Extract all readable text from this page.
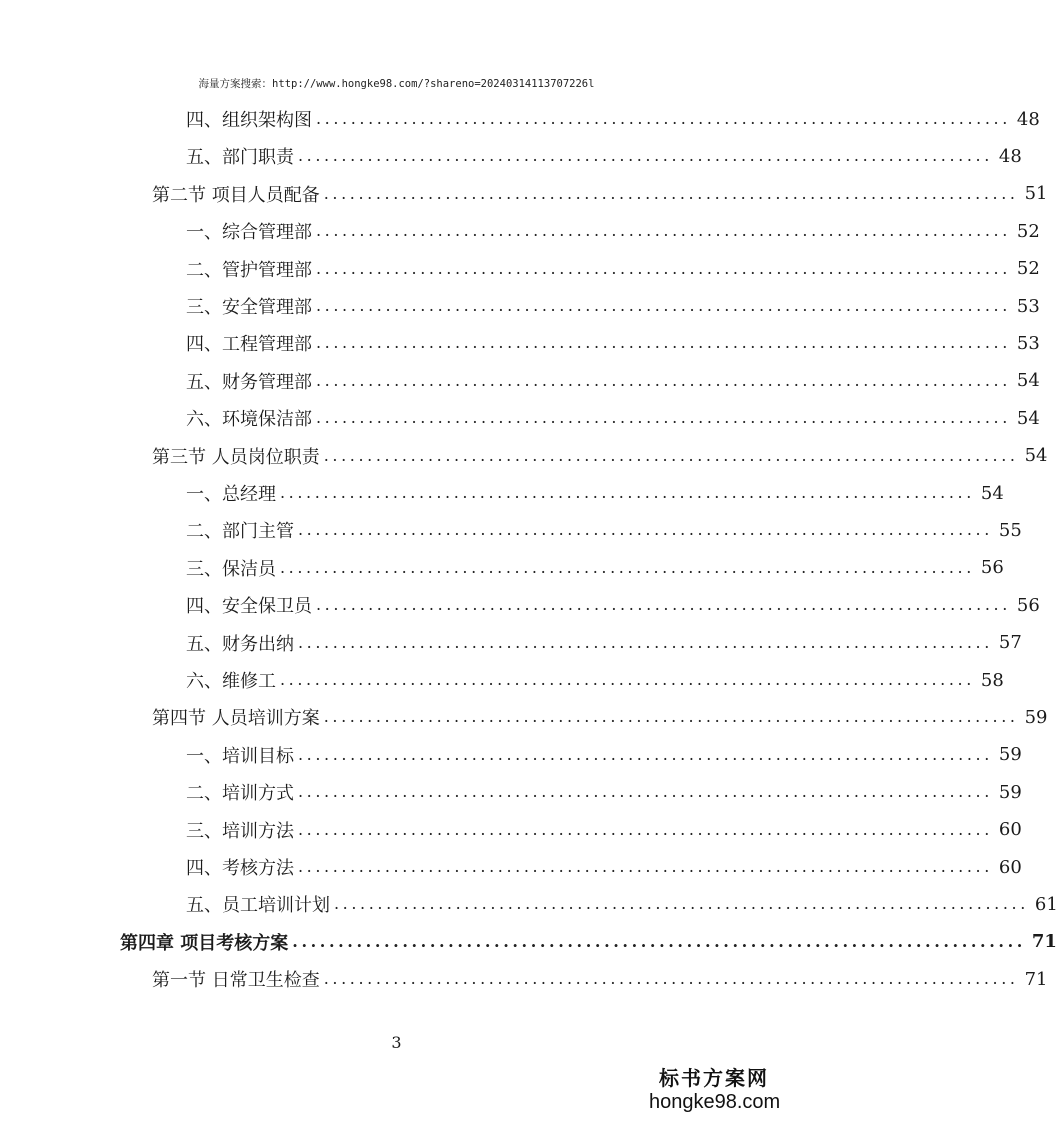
海量方案搜索：http://www.hongke98.com/?shareno=20240314113707226l
四、组织架构图 ................................................................................ 48
五、部门职责 ................................................................................ 48
第二节 项目人员配备 ................................................................................ 51
一、综合管理部 ................................................................................ 52
二、管护管理部 ................................................................................ 52
三、安全管理部 ................................................................................ 53
四、工程管理部 ................................................................................ 53
五、财务管理部 ................................................................................ 54
六、环境保洁部 ................................................................................ 54
第三节 人员岗位职责 ................................................................................ 54
一、总经理 ................................................................................ 54
二、部门主管 ................................................................................ 55
三、保洁员 ................................................................................ 56
四、安全保卫员 ................................................................................ 56
五、财务出纳 ................................................................................ 57
六、维修工 ................................................................................ 58
第四节 人员培训方案 ................................................................................ 59
一、培训目标 ................................................................................ 59
二、培训方式 ................................................................................ 59
三、培训方法 ................................................................................ 60
四、考核方法 ................................................................................ 60
五、员工培训计划 ................................................................................ 61
第四章 项目考核方案 ................................................................................ 71
第一节 日常卫生检查 ................................................................................ 71
3
标书方案网
hongke98.com
